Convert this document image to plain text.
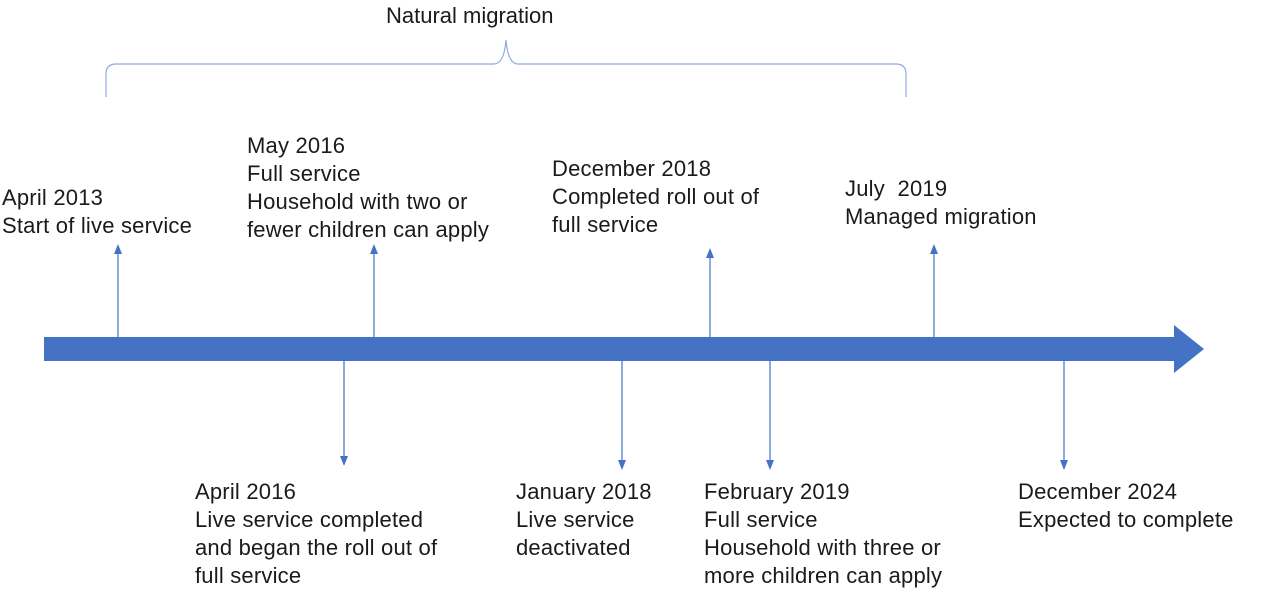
Natural migration
April 2013
Start of live service
May 2016
Full service
Household with two or
fewer children can apply
December 2018
Completed roll out of
full service
July  2019
Managed migration
April 2016
Live service completed
and began the roll out of
full service
January 2018
Live service
deactivated
February 2019
Full service
Household with three or
more children can apply
December 2024
Expected to complete
